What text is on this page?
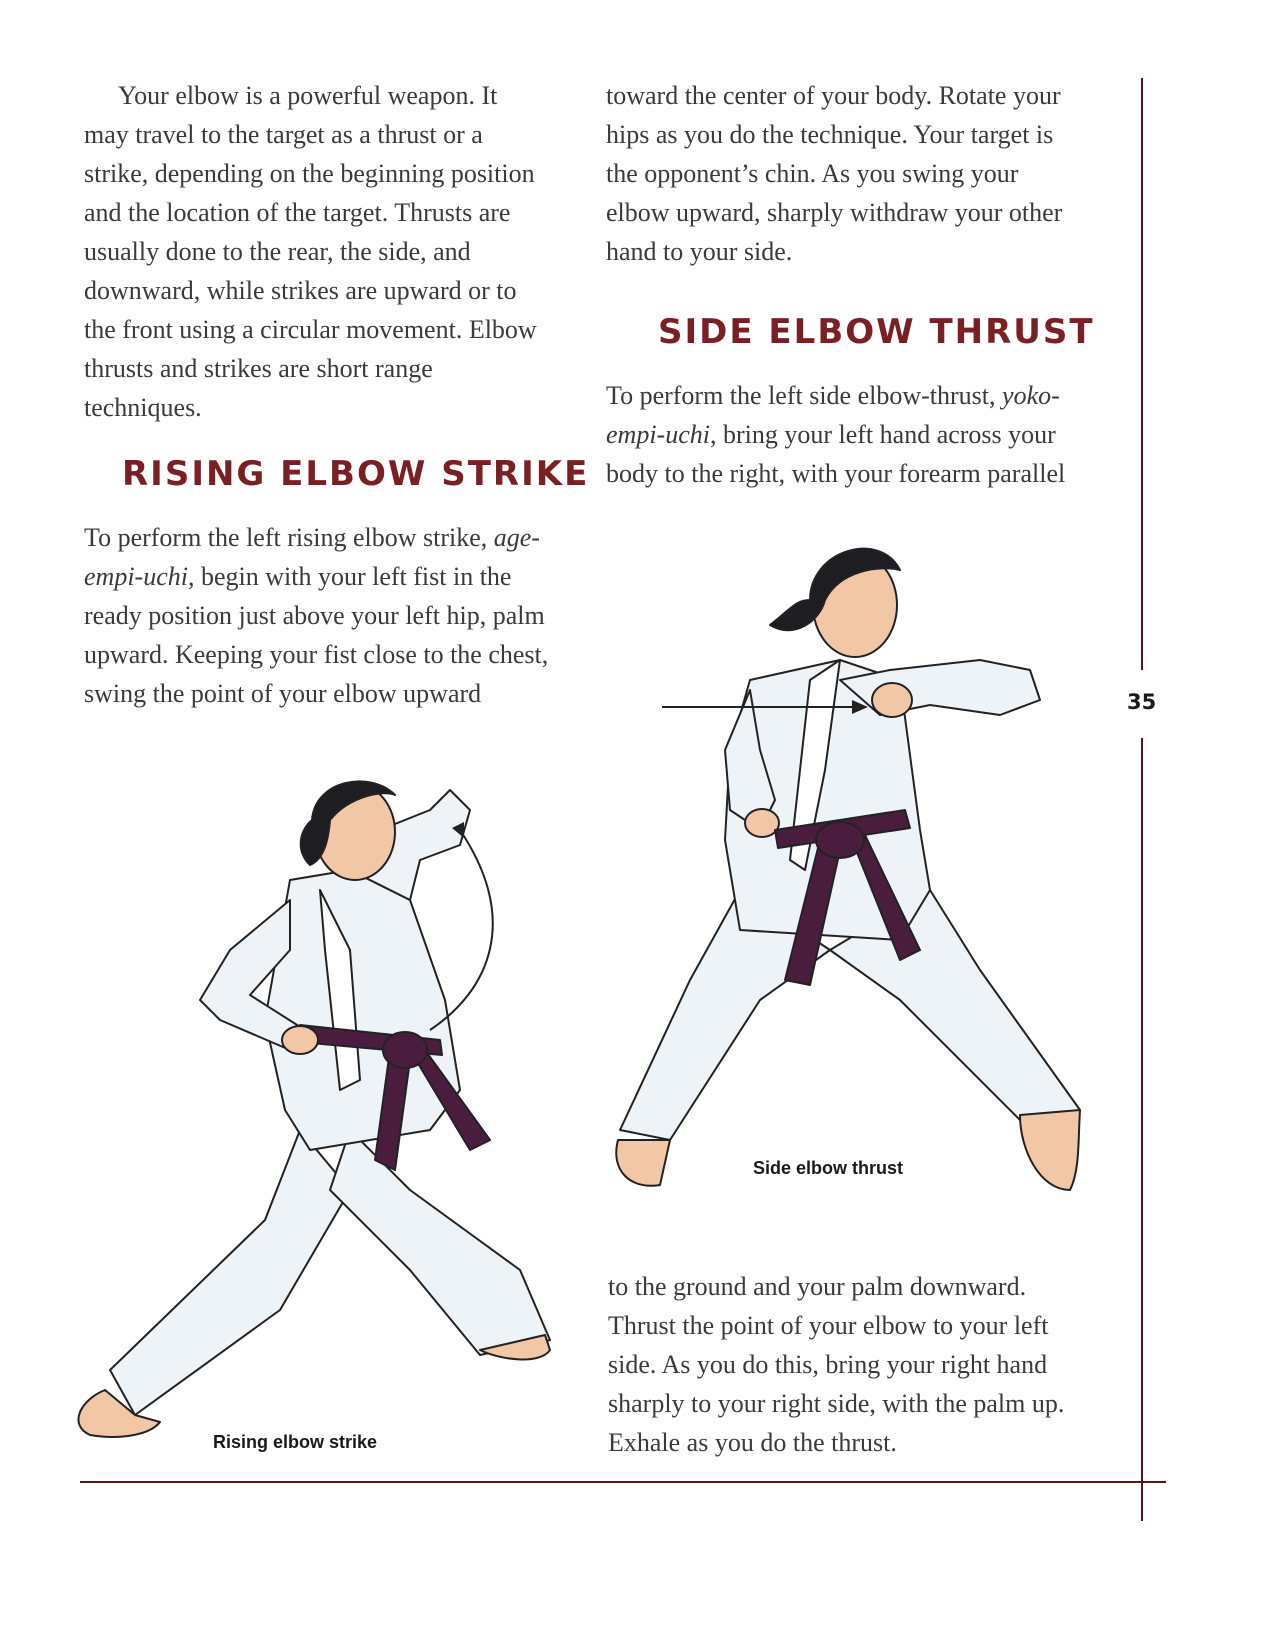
Your elbow is a powerful weapon. It
may travel to the target as a thrust or a
strike, depending on the beginning position
and the location of the target. Thrusts are
usually done to the rear, the side, and
downward, while strikes are upward or to
the front using a circular movement. Elbow
thrusts and strikes are short range
techniques.
RISING ELBOW STRIKE
To perform the left rising elbow strike, age-
empi-uchi, begin with your left fist in the
ready position just above your left hip, palm
upward. Keeping your fist close to the chest,
swing the point of your elbow upward
toward the center of your body. Rotate your
hips as you do the technique. Your target is
the opponent’s chin. As you swing your
elbow upward, sharply withdraw your other
hand to your side.
SIDE ELBOW THRUST
To perform the left side elbow-thrust, yoko-
empi-uchi, bring your left hand across your
body to the right, with your forearm parallel
to the ground and your palm downward.
Thrust the point of your elbow to your left
side. As you do this, bring your right hand
sharply to your right side, with the palm up.
Exhale as you do the thrust.
Rising elbow strike
Side elbow thrust
35
